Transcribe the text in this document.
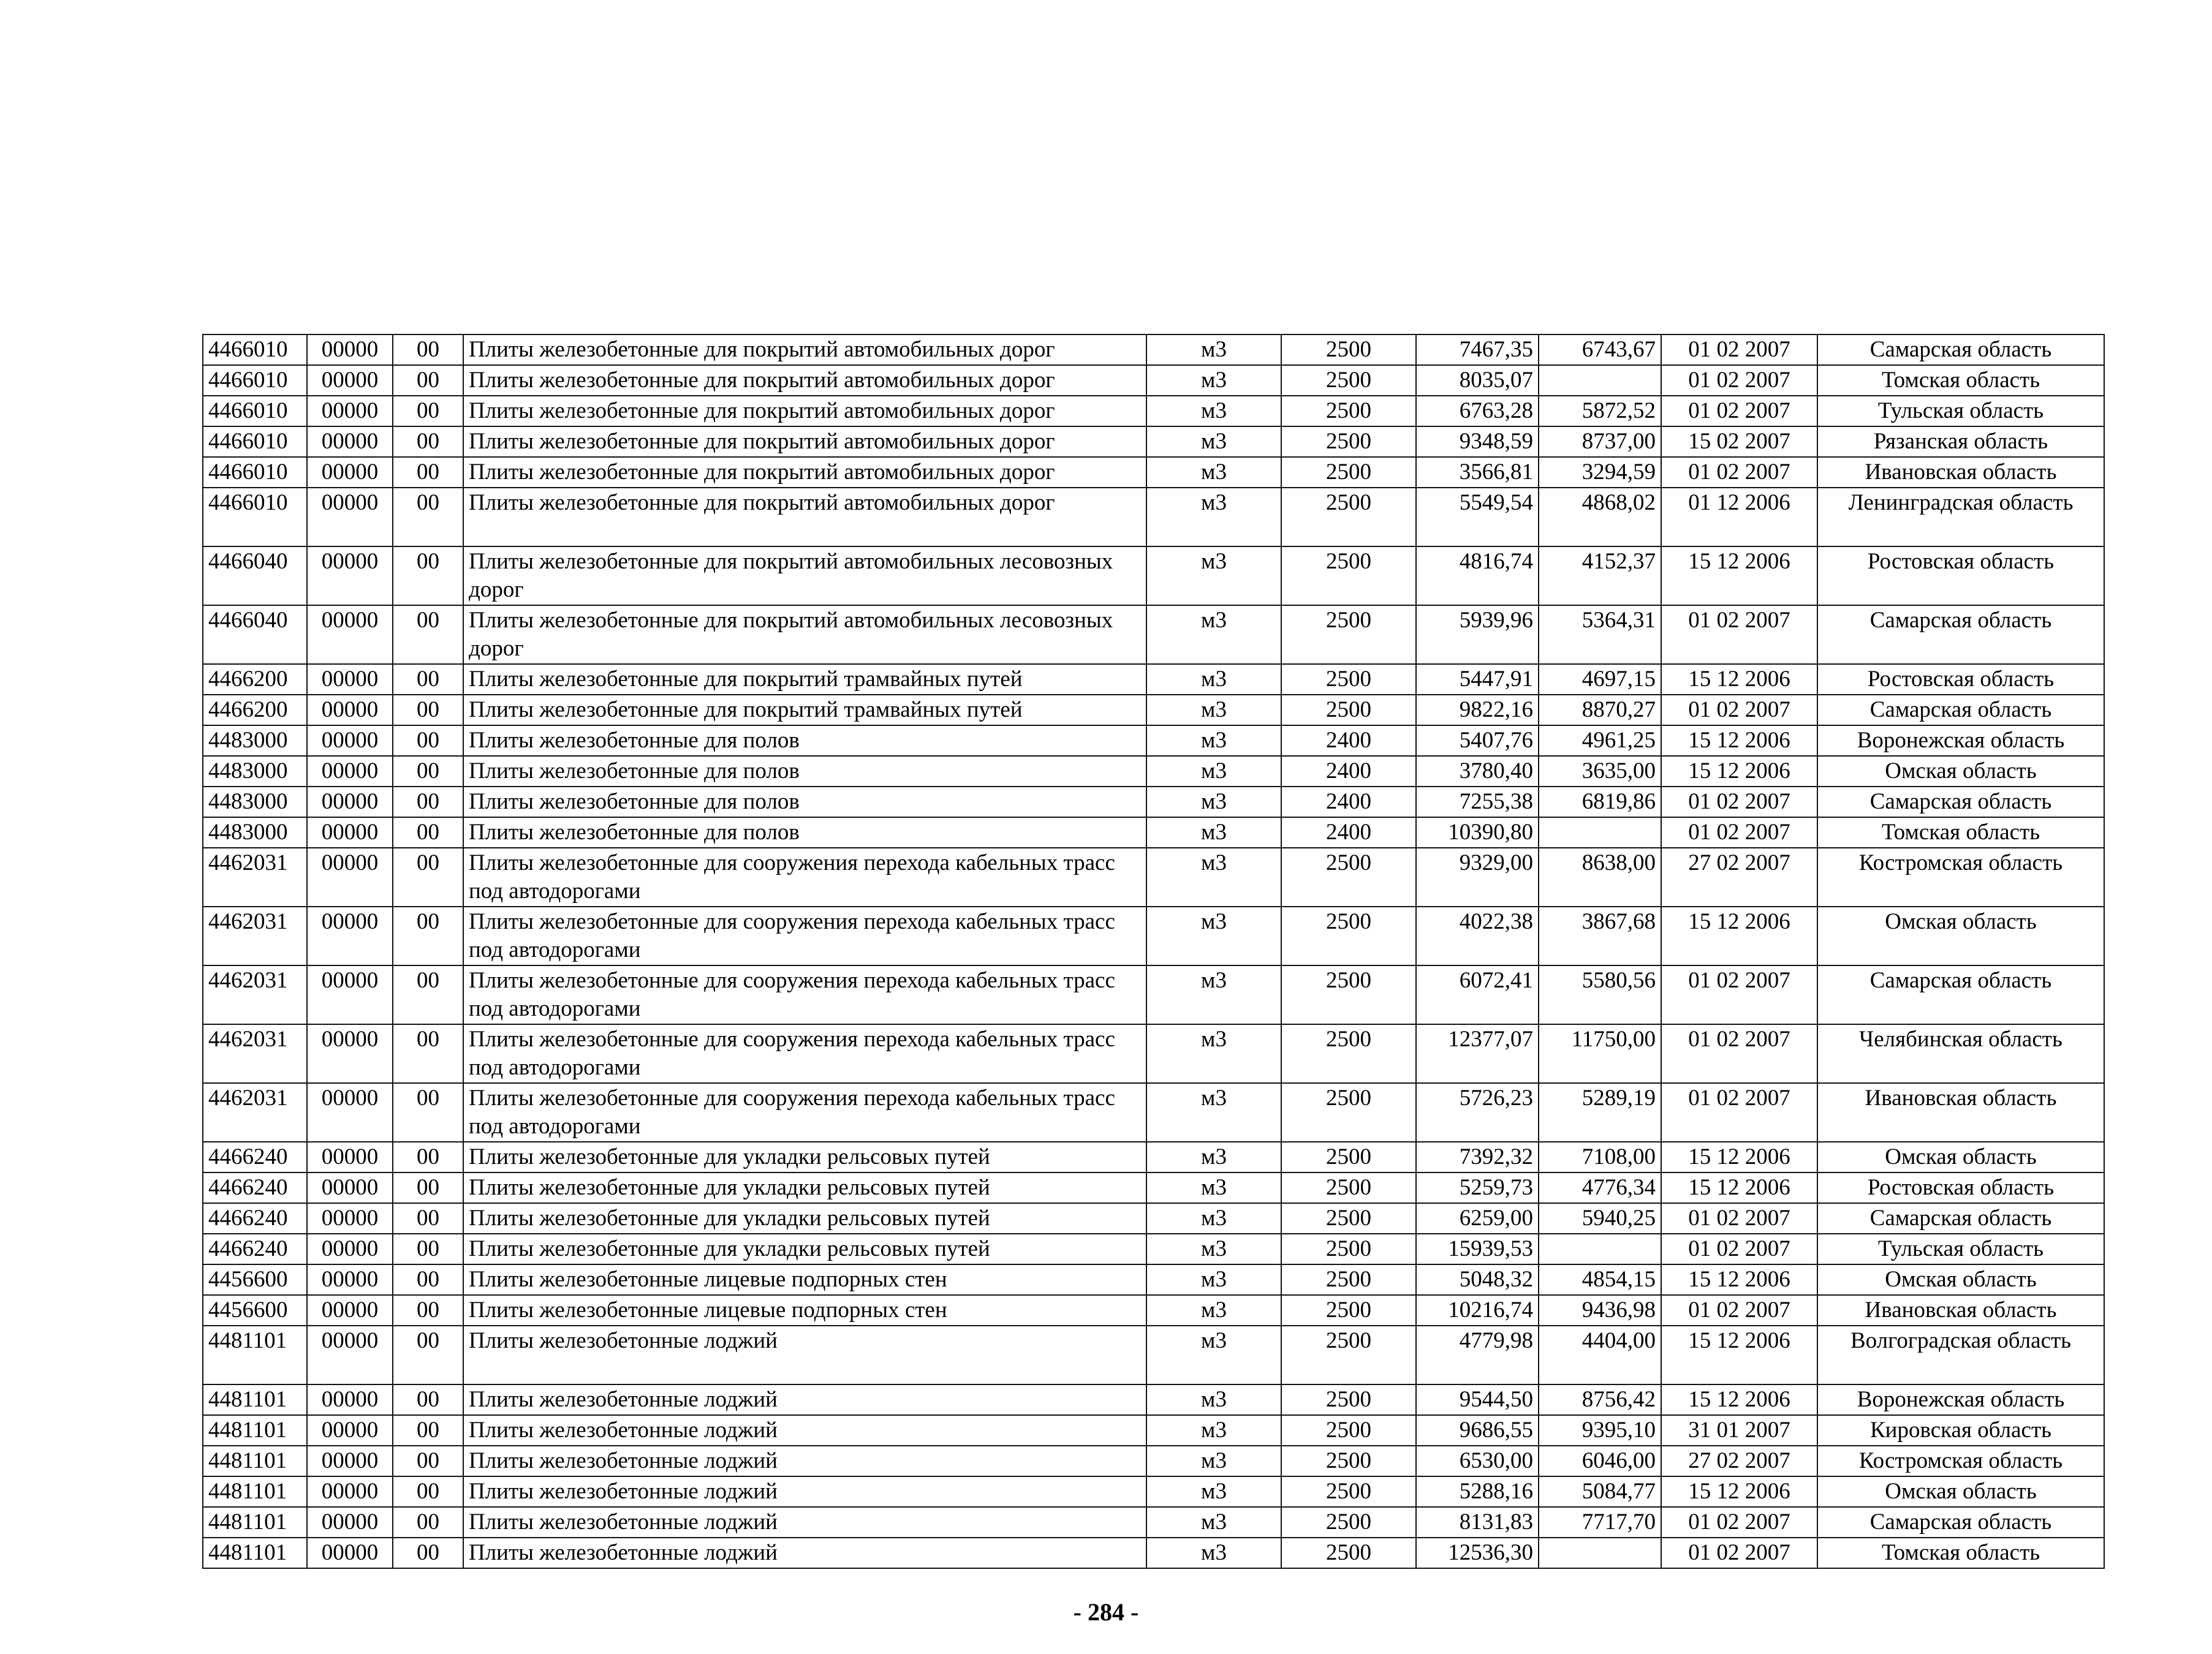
4466010	00000	00	Плиты железобетонные для покрытий автомобильных дорог	м3	2500	7467,35	6743,67	01 02 2007	Самарская область
4466010	00000	00	Плиты железобетонные для покрытий автомобильных дорог	м3	2500	8035,07		01 02 2007	Томская область
4466010	00000	00	Плиты железобетонные для покрытий автомобильных дорог	м3	2500	6763,28	5872,52	01 02 2007	Тульская область
4466010	00000	00	Плиты железобетонные для покрытий автомобильных дорог	м3	2500	9348,59	8737,00	15 02 2007	Рязанская область
4466010	00000	00	Плиты железобетонные для покрытий автомобильных дорог	м3	2500	3566,81	3294,59	01 02 2007	Ивановская область
4466010	00000	00	Плиты железобетонные для покрытий автомобильных дорог	м3	2500	5549,54	4868,02	01 12 2006	Ленинградская область
4466040	00000	00	Плиты железобетонные для покрытий автомобильных лесовозных дорог	м3	2500	4816,74	4152,37	15 12 2006	Ростовская область
4466040	00000	00	Плиты железобетонные для покрытий автомобильных лесовозных дорог	м3	2500	5939,96	5364,31	01 02 2007	Самарская область
4466200	00000	00	Плиты железобетонные для покрытий трамвайных путей	м3	2500	5447,91	4697,15	15 12 2006	Ростовская область
4466200	00000	00	Плиты железобетонные для покрытий трамвайных путей	м3	2500	9822,16	8870,27	01 02 2007	Самарская область
4483000	00000	00	Плиты железобетонные для полов	м3	2400	5407,76	4961,25	15 12 2006	Воронежская область
4483000	00000	00	Плиты железобетонные для полов	м3	2400	3780,40	3635,00	15 12 2006	Омская область
4483000	00000	00	Плиты железобетонные для полов	м3	2400	7255,38	6819,86	01 02 2007	Самарская область
4483000	00000	00	Плиты железобетонные для полов	м3	2400	10390,80		01 02 2007	Томская область
4462031	00000	00	Плиты железобетонные для сооружения перехода кабельных трасс под автодорогами	м3	2500	9329,00	8638,00	27 02 2007	Костромская область
4462031	00000	00	Плиты железобетонные для сооружения перехода кабельных трасс под автодорогами	м3	2500	4022,38	3867,68	15 12 2006	Омская область
4462031	00000	00	Плиты железобетонные для сооружения перехода кабельных трасс под автодорогами	м3	2500	6072,41	5580,56	01 02 2007	Самарская область
4462031	00000	00	Плиты железобетонные для сооружения перехода кабельных трасс под автодорогами	м3	2500	12377,07	11750,00	01 02 2007	Челябинская область
4462031	00000	00	Плиты железобетонные для сооружения перехода кабельных трасс под автодорогами	м3	2500	5726,23	5289,19	01 02 2007	Ивановская область
4466240	00000	00	Плиты железобетонные для укладки рельсовых путей	м3	2500	7392,32	7108,00	15 12 2006	Омская область
4466240	00000	00	Плиты железобетонные для укладки рельсовых путей	м3	2500	5259,73	4776,34	15 12 2006	Ростовская область
4466240	00000	00	Плиты железобетонные для укладки рельсовых путей	м3	2500	6259,00	5940,25	01 02 2007	Самарская область
4466240	00000	00	Плиты железобетонные для укладки рельсовых путей	м3	2500	15939,53		01 02 2007	Тульская область
4456600	00000	00	Плиты железобетонные лицевые подпорных стен	м3	2500	5048,32	4854,15	15 12 2006	Омская область
4456600	00000	00	Плиты железобетонные лицевые подпорных стен	м3	2500	10216,74	9436,98	01 02 2007	Ивановская область
4481101	00000	00	Плиты железобетонные лоджий	м3	2500	4779,98	4404,00	15 12 2006	Волгоградская область
4481101	00000	00	Плиты железобетонные лоджий	м3	2500	9544,50	8756,42	15 12 2006	Воронежская область
4481101	00000	00	Плиты железобетонные лоджий	м3	2500	9686,55	9395,10	31 01 2007	Кировская область
4481101	00000	00	Плиты железобетонные лоджий	м3	2500	6530,00	6046,00	27 02 2007	Костромская область
4481101	00000	00	Плиты железобетонные лоджий	м3	2500	5288,16	5084,77	15 12 2006	Омская область
4481101	00000	00	Плиты железобетонные лоджий	м3	2500	8131,83	7717,70	01 02 2007	Самарская область
4481101	00000	00	Плиты железобетонные лоджий	м3	2500	12536,30		01 02 2007	Томская область
- 284 -
